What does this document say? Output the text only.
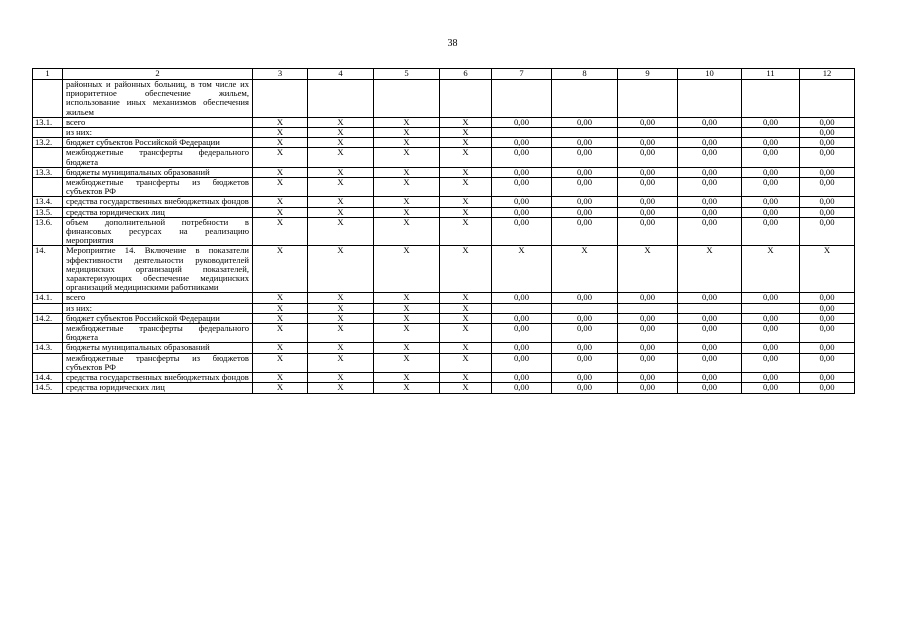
38
1	2	3	4	5	6	7	8	9	10	11	12
	районных и районных больниц, в том числе их приоритетное обеспечение жильем, использование иных механизмов обеспечения жильем										
13.1.	всего	X	X	X	X	0,00	0,00	0,00	0,00	0,00	0,00
	из них:	X	X	X	X						0,00
13.2.	бюджет субъектов Российской Федерации	X	X	X	X	0,00	0,00	0,00	0,00	0,00	0,00
	межбюджетные трансферты федерального бюджета	X	X	X	X	0,00	0,00	0,00	0,00	0,00	0,00
13.3.	бюджеты муниципальных образований	X	X	X	X	0,00	0,00	0,00	0,00	0,00	0,00
	межбюджетные трансферты из бюджетов субъектов РФ	X	X	X	X	0,00	0,00	0,00	0,00	0,00	0,00
13.4.	средства государственных внебюджетных фондов	X	X	X	X	0,00	0,00	0,00	0,00	0,00	0,00
13.5.	средства юридических лиц	X	X	X	X	0,00	0,00	0,00	0,00	0,00	0,00
13.6.	объем дополнительной потребности в финансовых ресурсах на реализацию мероприятия	X	X	X	X	0,00	0,00	0,00	0,00	0,00	0,00
14.	Мероприятие 14. Включение в показатели эффективности деятельности руководителей медицинских организаций показателей, характеризующих обеспечение медицинских организаций медицинскими работниками	X	X	X	X	X	X	X	X	X	X
14.1.	всего	X	X	X	X	0,00	0,00	0,00	0,00	0,00	0,00
	из них:	X	X	X	X						0,00
14.2.	бюджет субъектов Российской Федерации	X	X	X	X	0,00	0,00	0,00	0,00	0,00	0,00
	межбюджетные трансферты федерального бюджета	X	X	X	X	0,00	0,00	0,00	0,00	0,00	0,00
14.3.	бюджеты муниципальных образований	X	X	X	X	0,00	0,00	0,00	0,00	0,00	0,00
	межбюджетные трансферты из бюджетов субъектов РФ	X	X	X	X	0,00	0,00	0,00	0,00	0,00	0,00
14.4.	средства государственных внебюджетных фондов	X	X	X	X	0,00	0,00	0,00	0,00	0,00	0,00
14.5.	средства юридических лиц	X	X	X	X	0,00	0,00	0,00	0,00	0,00	0,00
